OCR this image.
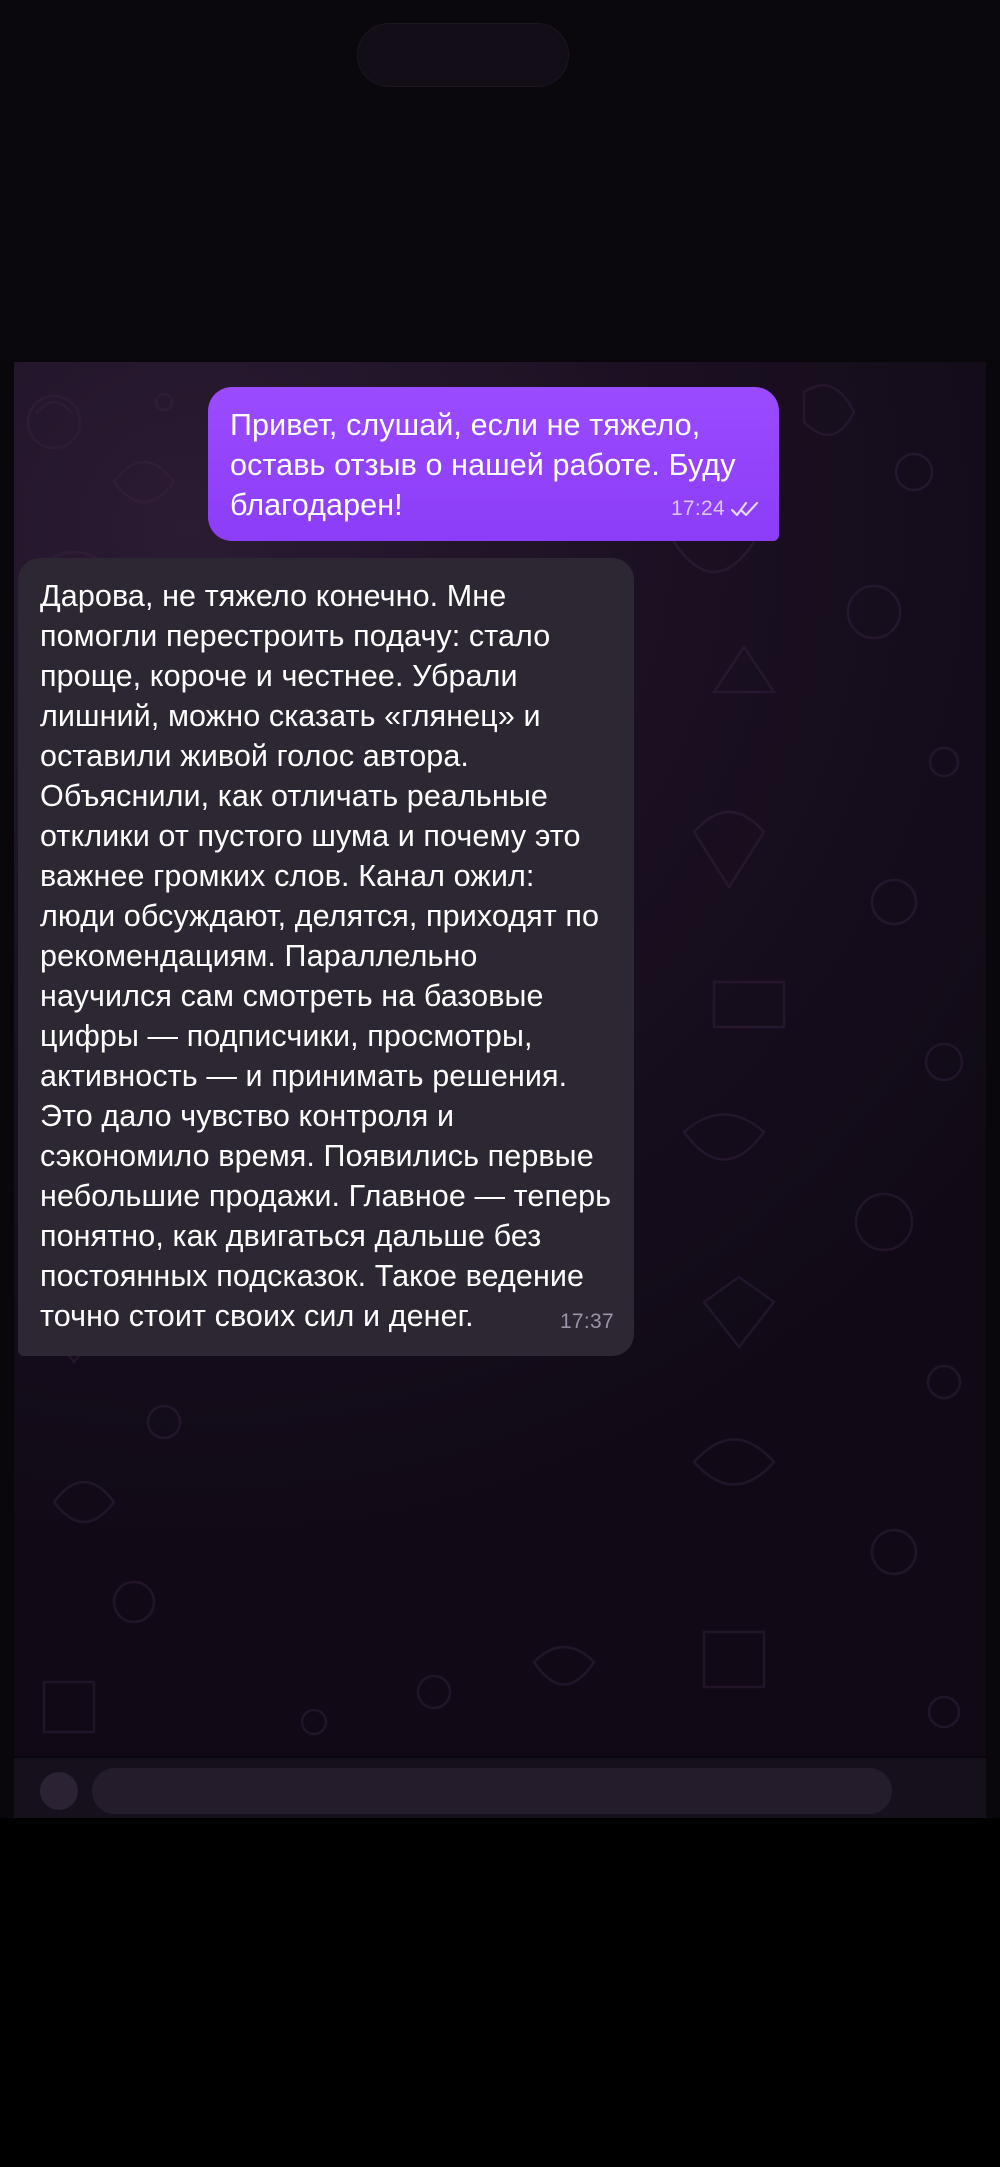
Привет, слушай, если не тяжело, оставь отзыв о нашей работе. Буду благодарен!	17:24
Дарова, не тяжело конечно. Мне помогли перестроить подачу: стало проще, короче и честнее. Убрали лишний, можно сказать «глянец» и оставили живой голос автора. Объяснили, как отличать реальные отклики от пустого шума и почему это важнее громких слов. Канал ожил: люди обсуждают, делятся, приходят по рекомендациям. Параллельно научился сам смотреть на базовые цифры — подписчики, просмотры, активность — и принимать решения. Это дало чувство контроля и сэкономило время. Появились первые небольшие продажи. Главное — теперь понятно, как двигаться дальше без постоянных подсказок. Такое ведение точно стоит своих сил и денег.	17:37
